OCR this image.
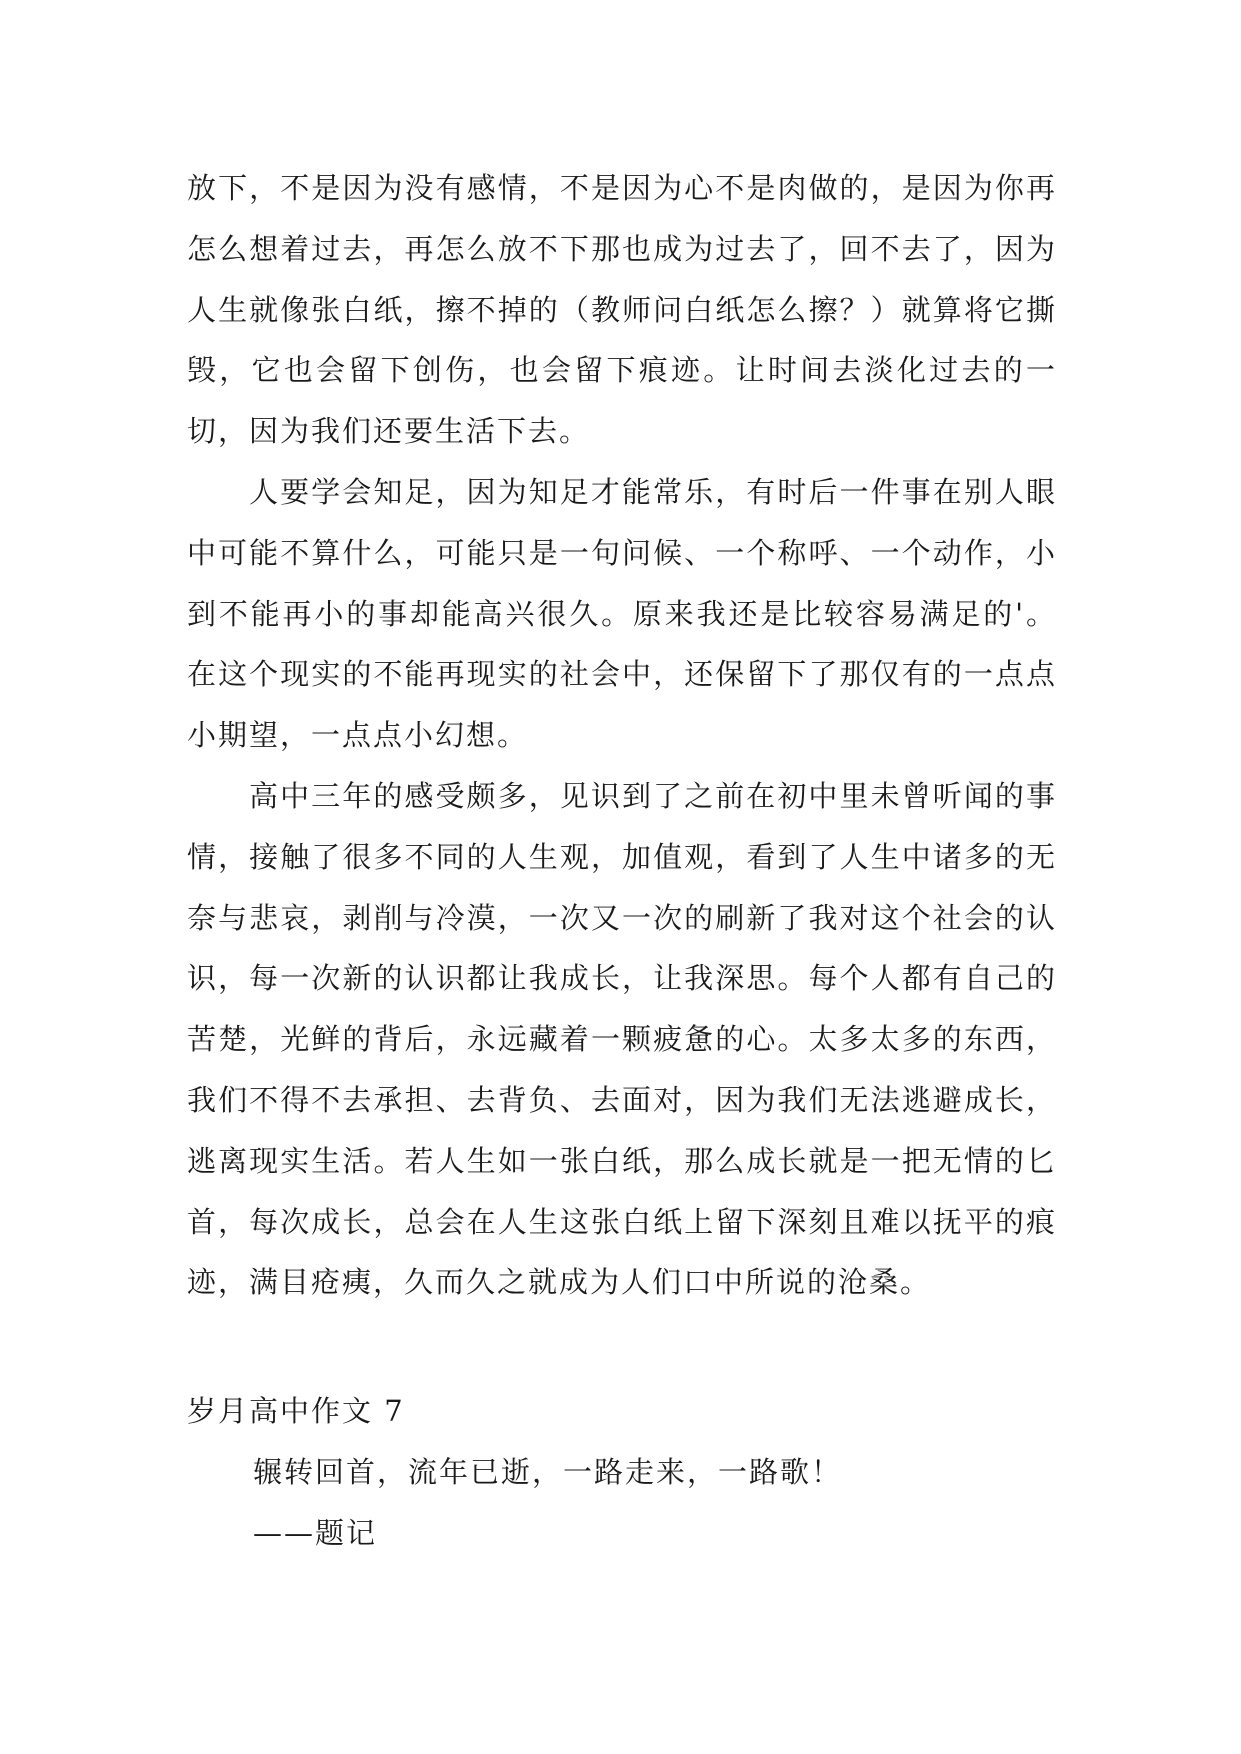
放下，不是因为没有感情，不是因为心不是肉做的，是因为你再怎么想着过去，再怎么放不下那也成为过去了，回不去了，因为人生就像张白纸，擦不掉的（教师问白纸怎么擦？）就算将它撕毁，它也会留下创伤，也会留下痕迹。让时间去淡化过去的一切，因为我们还要生活下去。

人要学会知足，因为知足才能常乐，有时后一件事在别人眼中可能不算什么，可能只是一句问候、一个称呼、一个动作，小到不能再小的事却能高兴很久。原来我还是比较容易满足的'。在这个现实的不能再现实的社会中，还保留下了那仅有的一点点小期望，一点点小幻想。

高中三年的感受颇多，见识到了之前在初中里未曾听闻的事情，接触了很多不同的人生观，加值观，看到了人生中诸多的无奈与悲哀，剥削与冷漠，一次又一次的刷新了我对这个社会的认识，每一次新的认识都让我成长，让我深思。每个人都有自己的苦楚，光鲜的背后，永远藏着一颗疲惫的心。太多太多的东西，我们不得不去承担、去背负、去面对，因为我们无法逃避成长，逃离现实生活。若人生如一张白纸，那么成长就是一把无情的匕首，每次成长，总会在人生这张白纸上留下深刻且难以抚平的痕迹，满目疮痍，久而久之就成为人们口中所说的沧桑。

岁月高中作文 7

辗转回首，流年已逝，一路走来，一路歌！

——题记
